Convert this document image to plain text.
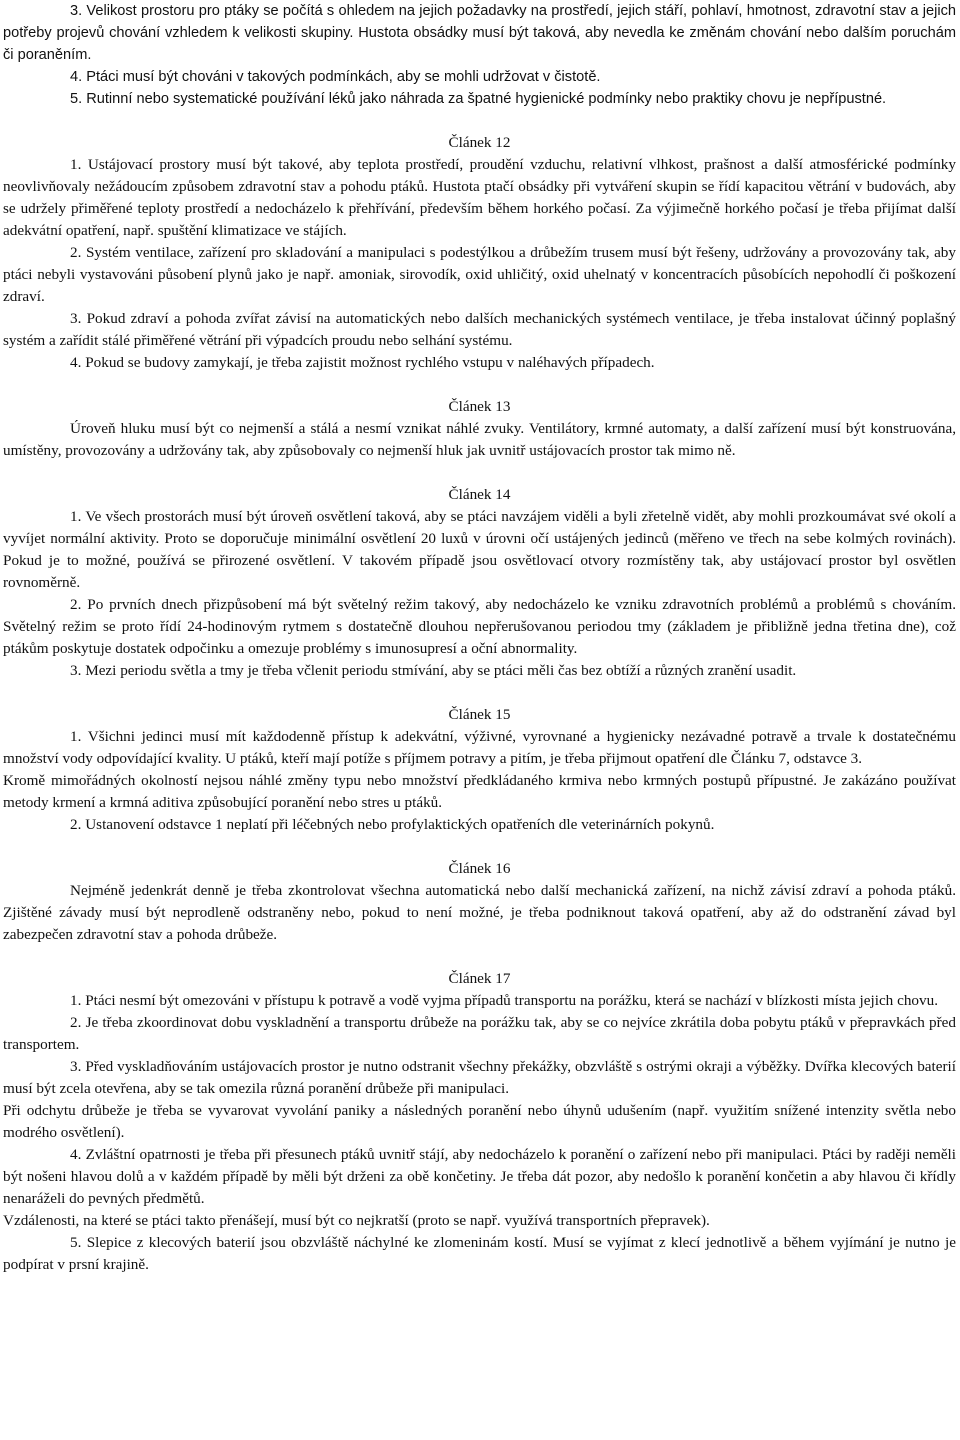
3. Velikost prostoru pro ptáky se počítá s ohledem na jejich požadavky na prostředí, jejich stáří, pohlaví, hmotnost, zdravotní stav a jejich potřeby projevů chování vzhledem k velikosti skupiny. Hustota obsádky musí být taková, aby nevedla ke změnám chování nebo dalším poruchám či poraněním.

4. Ptáci musí být chováni v takových podmínkách, aby se mohli udržovat v čistotě.

5. Rutinní nebo systematické používání léků jako náhrada za špatné hygienické podmínky nebo praktiky chovu je nepřípustné.

Článek 12

1. Ustájovací prostory musí být takové, aby teplota prostředí, proudění vzduchu, relativní vlhkost, prašnost a další atmosférické podmínky neovlivňovaly nežádoucím způsobem zdravotní stav a pohodu ptáků. Hustota ptačí obsádky při vytváření skupin se řídí kapacitou větrání v budovách, aby se udržely přiměřené teploty prostředí a nedocházelo k přehřívání, především během horkého počasí. Za výjimečně horkého počasí je třeba přijímat další adekvátní opatření, např. spuštění klimatizace ve stájích.

2. Systém ventilace, zařízení pro skladování a manipulaci s podestýlkou a drůbežím trusem musí být řešeny, udržovány a provozovány tak, aby ptáci nebyli vystavováni působení plynů jako je např. amoniak, sirovodík, oxid uhličitý, oxid uhelnatý v koncentracích působících nepohodlí či poškození zdraví.

3. Pokud zdraví a pohoda zvířat závisí na automatických nebo dalších mechanických systémech ventilace, je třeba instalovat účinný poplašný systém a zařídit stálé přiměřené větrání při výpadcích proudu nebo selhání systému.

4. Pokud se budovy zamykají, je třeba zajistit možnost rychlého vstupu v naléhavých případech.

Článek 13

Úroveň hluku musí být co nejmenší a stálá a nesmí vznikat náhlé zvuky. Ventilátory, krmné automaty, a další zařízení musí být konstruována, umístěny, provozovány a udržovány tak, aby způsobovaly co nejmenší hluk jak uvnitř ustájovacích prostor tak mimo ně.

Článek 14

1. Ve všech prostorách musí být úroveň osvětlení taková, aby se ptáci navzájem viděli a byli zřetelně vidět, aby mohli prozkoumávat své okolí a vyvíjet normální aktivity. Proto se doporučuje minimální osvětlení 20 luxů v úrovni očí ustájených jedinců (měřeno ve třech na sebe kolmých rovinách). Pokud je to možné, používá se přirozené osvětlení. V takovém případě jsou osvětlovací otvory rozmístěny tak, aby ustájovací prostor byl osvětlen rovnoměrně.

2. Po prvních dnech přizpůsobení má být světelný režim takový, aby nedocházelo ke vzniku zdravotních problémů a problémů s chováním. Světelný režim se proto řídí 24-hodinovým rytmem s dostatečně dlouhou nepřerušovanou periodou tmy (základem je přibližně jedna třetina dne), což ptákům poskytuje dostatek odpočinku a omezuje problémy s imunosupresí a oční abnormality.

3. Mezi periodu světla a tmy je třeba včlenit periodu stmívání, aby se ptáci měli čas bez obtíží a různých zranění usadit.

Článek 15

1. Všichni jedinci musí mít každodenně přístup k adekvátní, výživné, vyrovnané a hygienicky nezávadné potravě a trvale k dostatečnému množství vody odpovídající kvality. U ptáků, kteří mají potíže s příjmem potravy a pitím, je třeba přijmout opatření dle Článku 7, odstavce 3.

Kromě mimořádných okolností nejsou náhlé změny typu nebo množství předkládaného krmiva nebo krmných postupů přípustné. Je zakázáno používat metody krmení a krmná aditiva způsobující poranění nebo stres u ptáků.

2. Ustanovení odstavce 1 neplatí při léčebných nebo profylaktických opatřeních dle veterinárních pokynů.

Článek 16

Nejméně jedenkrát denně je třeba zkontrolovat všechna automatická nebo další mechanická zařízení, na nichž závisí zdraví a pohoda ptáků. Zjištěné závady musí být neprodleně odstraněny nebo, pokud to není možné, je třeba podniknout taková opatření, aby až do odstranění závad byl zabezpečen zdravotní stav a pohoda drůbeže.

Článek 17

1. Ptáci nesmí být omezováni v přístupu k potravě a vodě vyjma případů transportu na porážku, která se nachází v blízkosti místa jejich chovu.

2. Je třeba zkoordinovat dobu vyskladnění a transportu drůbeže na porážku tak, aby se co nejvíce zkrátila doba pobytu ptáků v přepravkách před transportem.

3. Před vyskladňováním ustájovacích prostor je nutno odstranit všechny překážky, obzvláště s ostrými okraji a výběžky. Dvířka klecových baterií musí být zcela otevřena, aby se tak omezila různá poranění drůbeže při manipulaci.

Při odchytu drůbeže je třeba se vyvarovat vyvolání paniky a následných poranění nebo úhynů udušením (např. využitím snížené intenzity světla nebo modrého osvětlení).

4. Zvláštní opatrnosti je třeba při přesunech ptáků uvnitř stájí, aby nedocházelo k poranění o zařízení nebo při manipulaci. Ptáci by raději neměli být nošeni hlavou dolů a v každém případě by měli být drženi za obě končetiny. Je třeba dát pozor, aby nedošlo k poranění končetin a aby hlavou či křídly nenaráželi do pevných předmětů.

Vzdálenosti, na které se ptáci takto přenášejí, musí být co nejkratší (proto se např. využívá transportních přepravek).

5. Slepice z klecových baterií jsou obzvláště náchylné ke zlomeninám kostí. Musí se vyjímat z klecí jednotlivě a během vyjímání je nutno je podpírat v prsní krajině.
